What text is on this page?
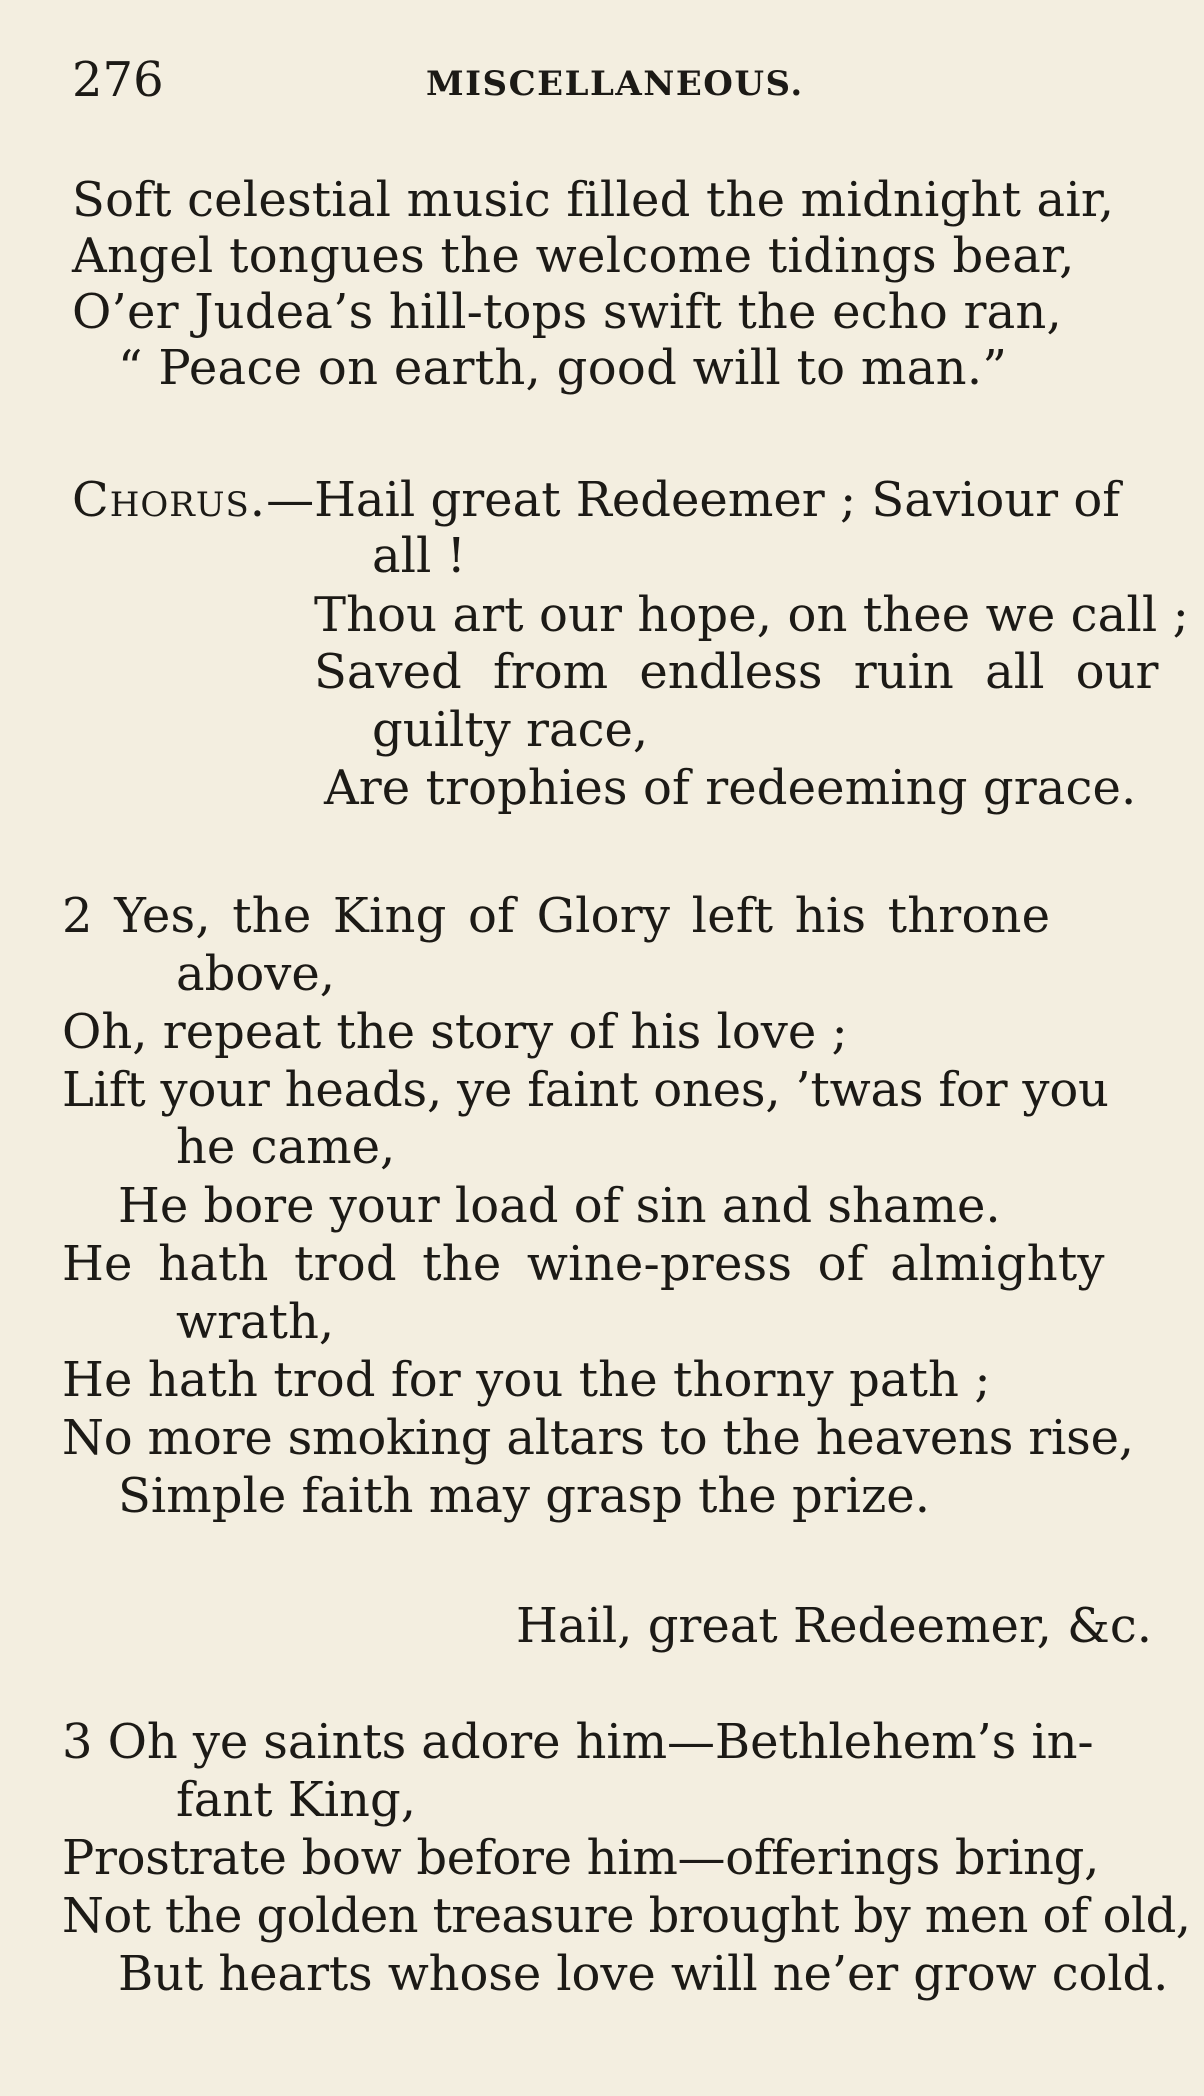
276	MISCELLANEOUS.
Soft celestial music filled the midnight air,
Angel tongues the welcome tidings bear,
O’er Judea’s hill-tops swift the echo ran,
“ Peace on earth, good will to man.”
Chorus.—Hail great Redeemer ; Saviour of
all !
Thou art our hope, on thee we call ;
Saved from endless ruin all our
guilty race,
Are trophies of redeeming grace.
2 Yes, the King of Glory left his throne
above,
Oh, repeat the story of his love ;
Lift your heads, ye faint ones, ’twas for you
he came,
He bore your load of sin and shame.
He hath trod the wine-press of almighty
wrath,
He hath trod for you the thorny path ;
No more smoking altars to the heavens rise,
Simple faith may grasp the prize.
Hail, great Redeemer, &c.
3 Oh ye saints adore him—Bethlehem’s in-
fant King,
Prostrate bow before him—offerings bring,
Not the golden treasure brought by men of old,
But hearts whose love will ne’er grow cold.
